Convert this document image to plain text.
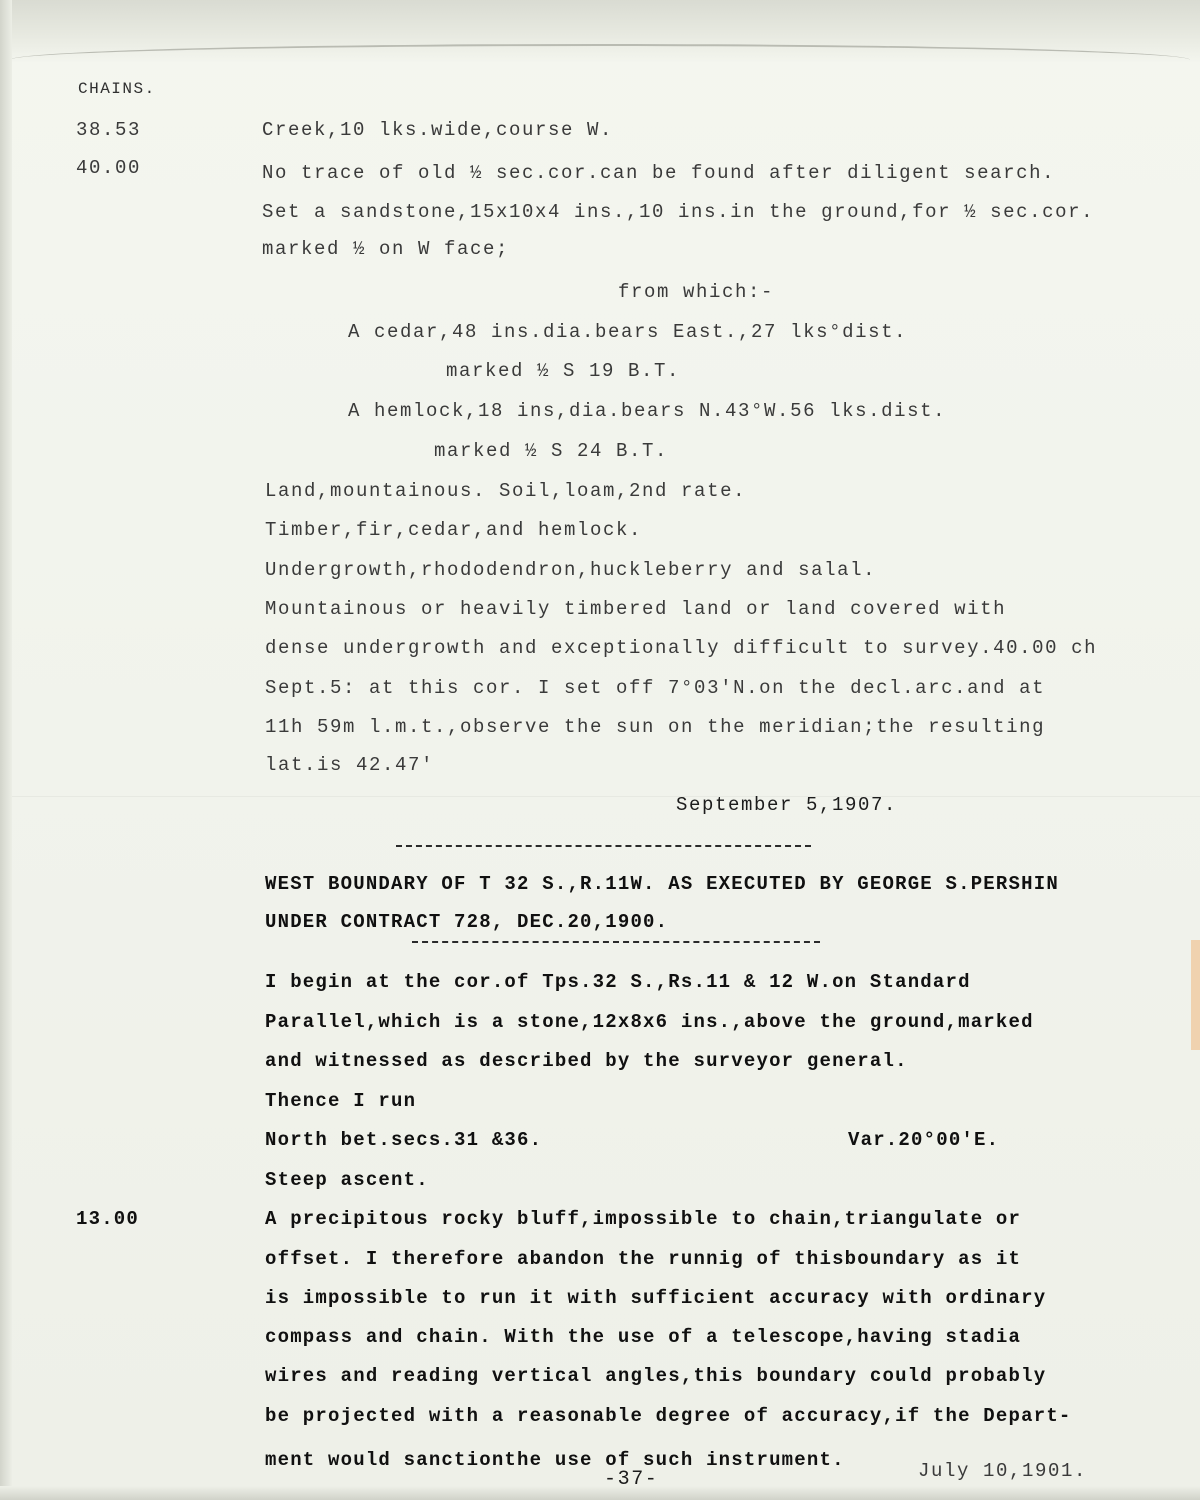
CHAINS.
38.53	Creek,10 lks.wide,course W.
40.00	No trace of old ½ sec.cor.can be found after diligent search.
Set a sandstone,15x10x4 ins.,10 ins.in the ground,for ½ sec.cor.
marked ½ on W face;
from which:-
A cedar,48 ins.dia.bears East.,27 lks°dist.
marked ½ S 19 B.T.
A hemlock,18 ins,dia.bears N.43°W.56 lks.dist.
marked ½ S 24 B.T.
Land,mountainous. Soil,loam,2nd rate.
Timber,fir,cedar,and hemlock.
Undergrowth,rhododendron,huckleberry and salal.
Mountainous or heavily timbered land or land covered with
dense undergrowth and exceptionally difficult to survey.40.00 ch
Sept.5: at this cor. I set off 7°03'N.on the decl.arc.and at
11h 59m l.m.t.,observe the sun on the meridian;the resulting
lat.is 42.47'
September 5,1907.
WEST BOUNDARY OF T 32 S.,R.11W. AS EXECUTED BY GEORGE S.PERSHIN
UNDER CONTRACT 728, DEC.20,1900.
I begin at the cor.of Tps.32 S.,Rs.11 & 12 W.on Standard
Parallel,which is a stone,12x8x6 ins.,above the ground,marked
and witnessed as described by the surveyor general.
Thence I run
North bet.secs.31 &36.	Var.20°00'E.
Steep ascent.
13.00	A precipitous rocky bluff,impossible to chain,triangulate or
offset. I therefore abandon the runnig of thisboundary as it
is impossible to run it with sufficient accuracy with ordinary
compass and chain. With the use of a telescope,having stadia
wires and reading vertical angles,this boundary could probably
be projected with a reasonable degree of accuracy,if the Depart-
ment would sanctionthe use of such instrument.	July 10,1901.
-37-
